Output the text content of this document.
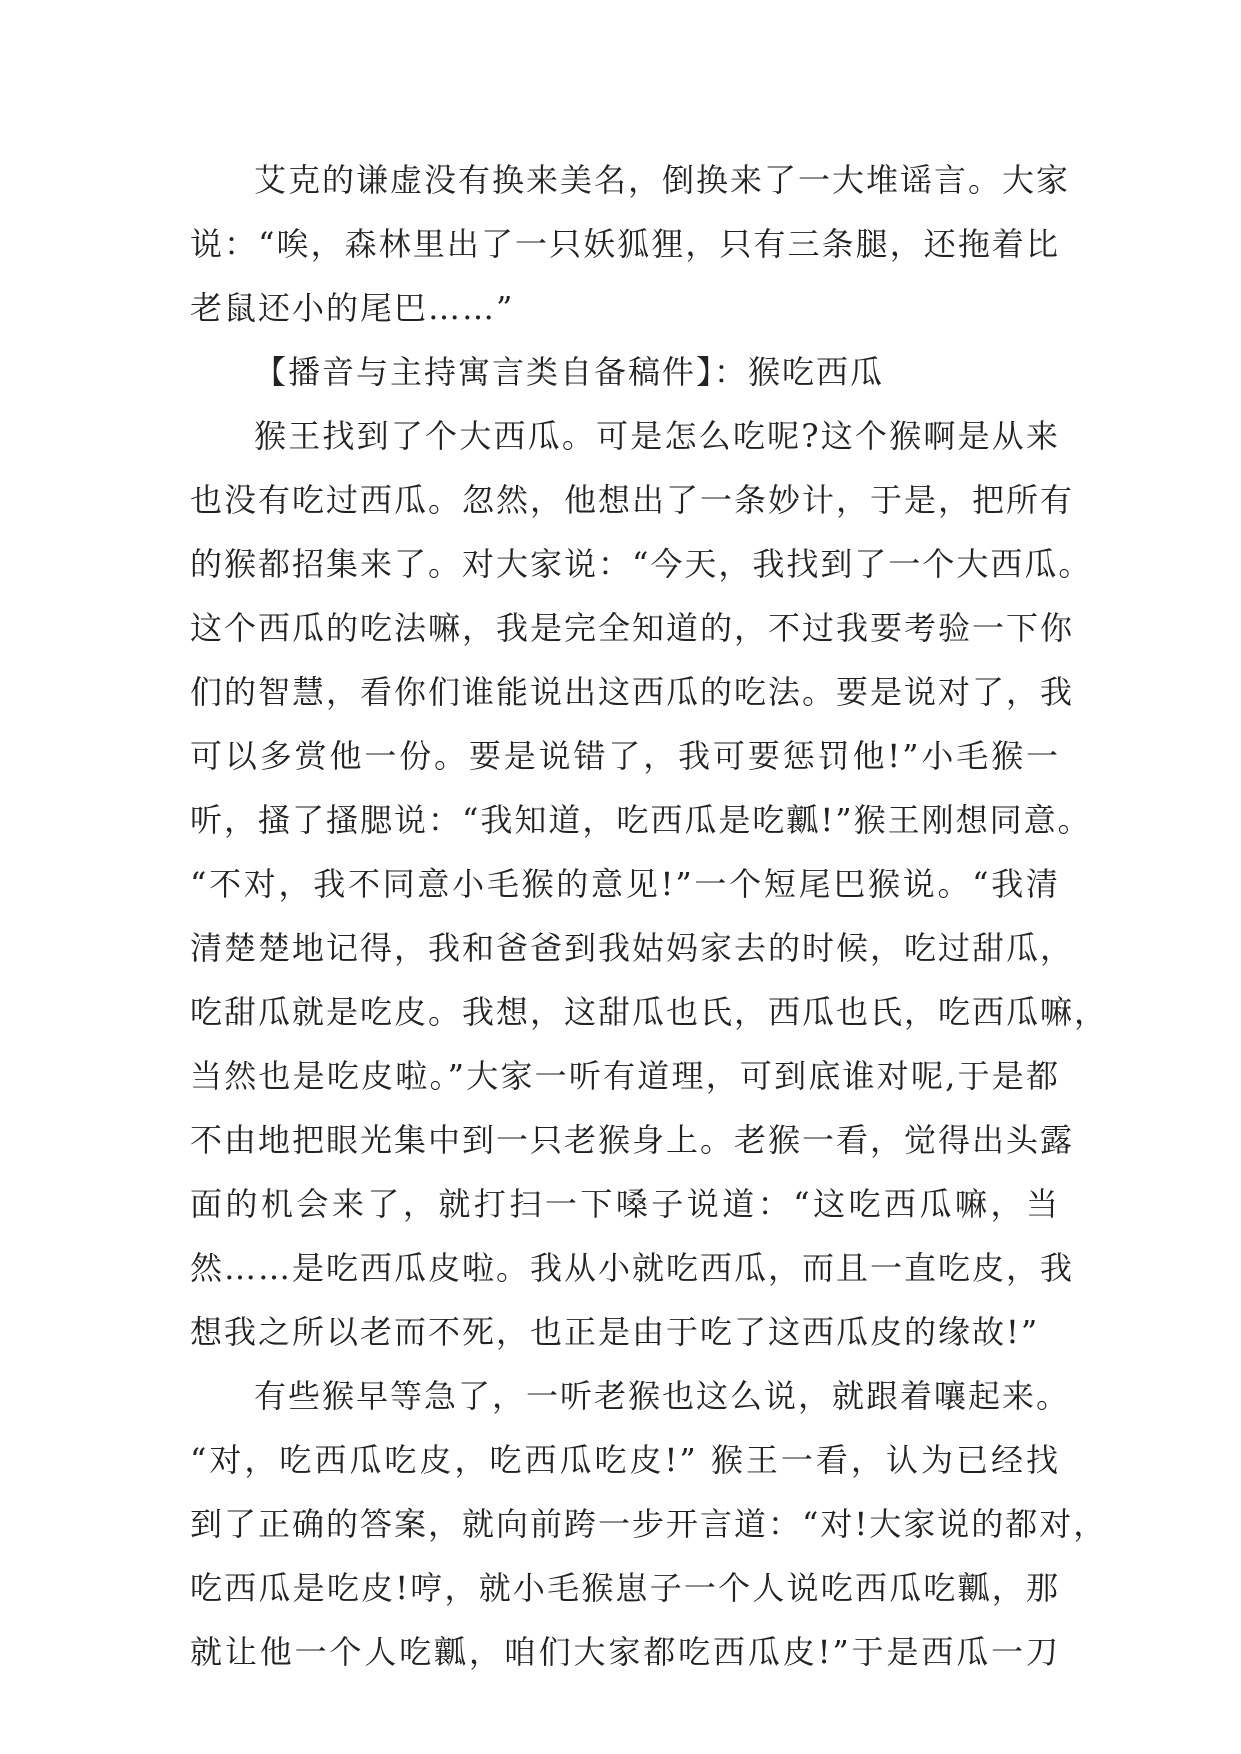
艾克的谦虚没有换来美名，倒换来了一大堆谣言。大家
说：“唉，森林里出了一只妖狐狸，只有三条腿，还拖着比
老鼠还小的尾巴……”
【播音与主持寓言类自备稿件】：猴吃西瓜
猴王找到了个大西瓜。可是怎么吃呢?这个猴啊是从来
也没有吃过西瓜。忽然，他想出了一条妙计，于是，把所有
的猴都招集来了。对大家说：“今天，我找到了一个大西瓜。
这个西瓜的吃法嘛，我是完全知道的，不过我要考验一下你
们的智慧，看你们谁能说出这西瓜的吃法。要是说对了，我
可以多赏他一份。要是说错了，我可要惩罚他!”小毛猴一
听，搔了搔腮说：“我知道，吃西瓜是吃瓤!”猴王刚想同意。
“不对，我不同意小毛猴的意见!”一个短尾巴猴说。“我清
清楚楚地记得，我和爸爸到我姑妈家去的时候，吃过甜瓜，
吃甜瓜就是吃皮。我想，这甜瓜也氏，西瓜也氏，吃西瓜嘛，
当然也是吃皮啦。”大家一听有道理，可到底谁对呢,于是都
不由地把眼光集中到一只老猴身上。老猴一看，觉得出头露
面的机会来了，就打扫一下嗓子说道：“这吃西瓜嘛，当
然……是吃西瓜皮啦。我从小就吃西瓜，而且一直吃皮，我
想我之所以老而不死，也正是由于吃了这西瓜皮的缘故!”
有些猴早等急了，一听老猴也这么说，就跟着嚷起来。
“对，吃西瓜吃皮，吃西瓜吃皮!” 猴王一看，认为已经找
到了正确的答案，就向前跨一步开言道：“对!大家说的都对，
吃西瓜是吃皮!哼，就小毛猴崽子一个人说吃西瓜吃瓤，那
就让他一个人吃瓤，咱们大家都吃西瓜皮!”于是西瓜一刀
